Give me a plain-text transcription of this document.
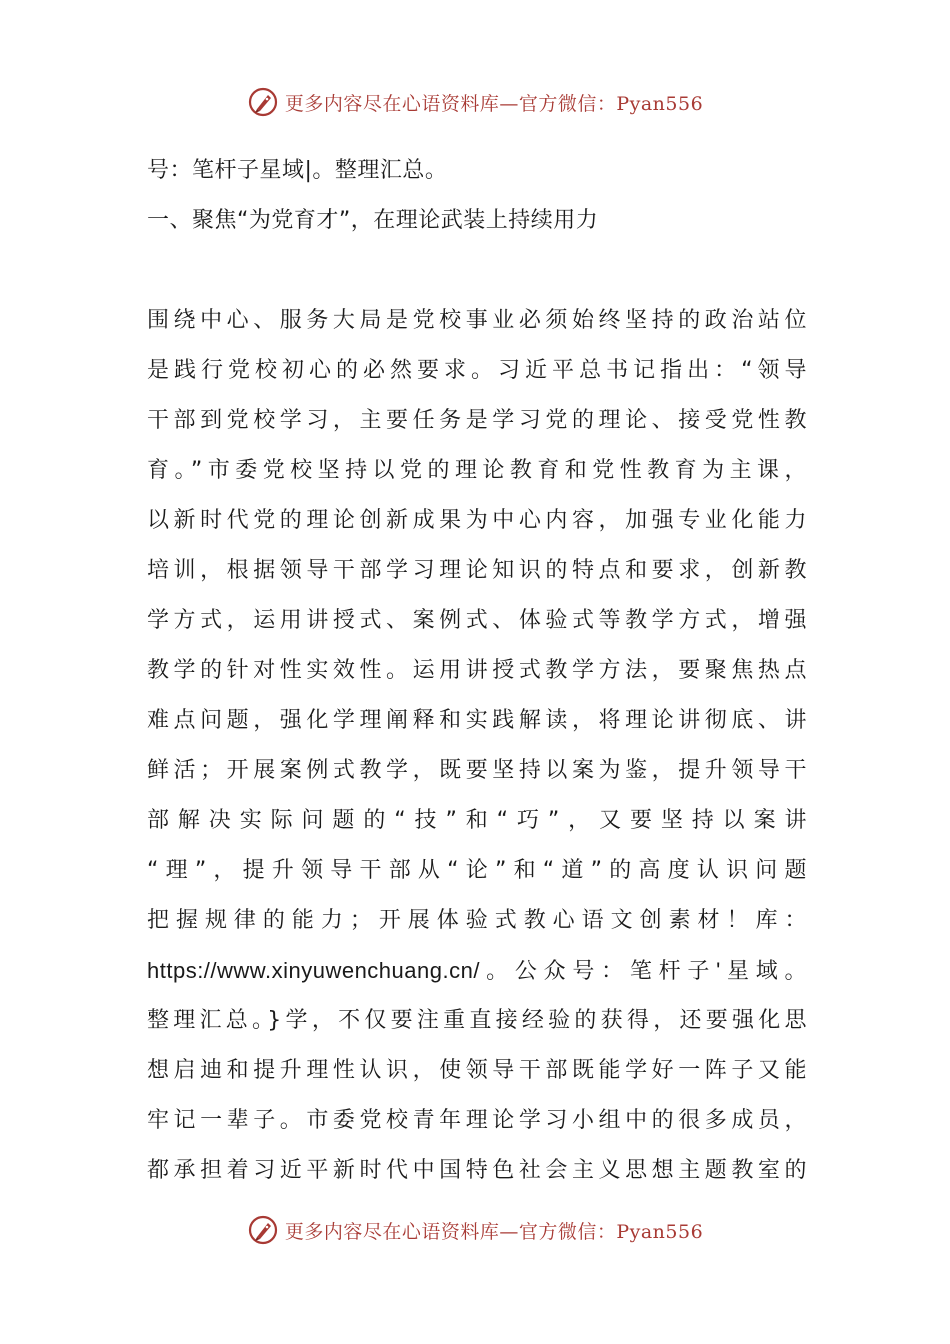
更多内容尽在心语资料库—官方微信：Pyan556
号：笔杆子星域|。整理汇总。
一、聚焦“为党育才”，在理论武装上持续用力
围绕中心、服务大局是党校事业必须始终坚持的政治站位
是践行党校初心的必然要求。习近平总书记指出：“领导
干部到党校学习，主要任务是学习党的理论、接受党性教
育。”市委党校坚持以党的理论教育和党性教育为主课，
以新时代党的理论创新成果为中心内容，加强专业化能力
培训，根据领导干部学习理论知识的特点和要求，创新教
学方式，运用讲授式、案例式、体验式等教学方式，增强
教学的针对性实效性。运用讲授式教学方法，要聚焦热点
难点问题，强化学理阐释和实践解读，将理论讲彻底、讲
鲜活；开展案例式教学，既要坚持以案为鉴，提升领导干
部解决实际问题的“技”和“巧”，又要坚持以案讲
“理”，提升领导干部从“论”和“道”的高度认识问题
把握规律的能力；开展体验式教心语文创素材！库：
https://www.xinyuwenchuang.cn/。公众号：笔杆子'星域。
整理汇总。}学，不仅要注重直接经验的获得，还要强化思
想启迪和提升理性认识，使领导干部既能学好一阵子又能
牢记一辈子。市委党校青年理论学习小组中的很多成员，
都承担着习近平新时代中国特色社会主义思想主题教室的
更多内容尽在心语资料库—官方微信：Pyan556
